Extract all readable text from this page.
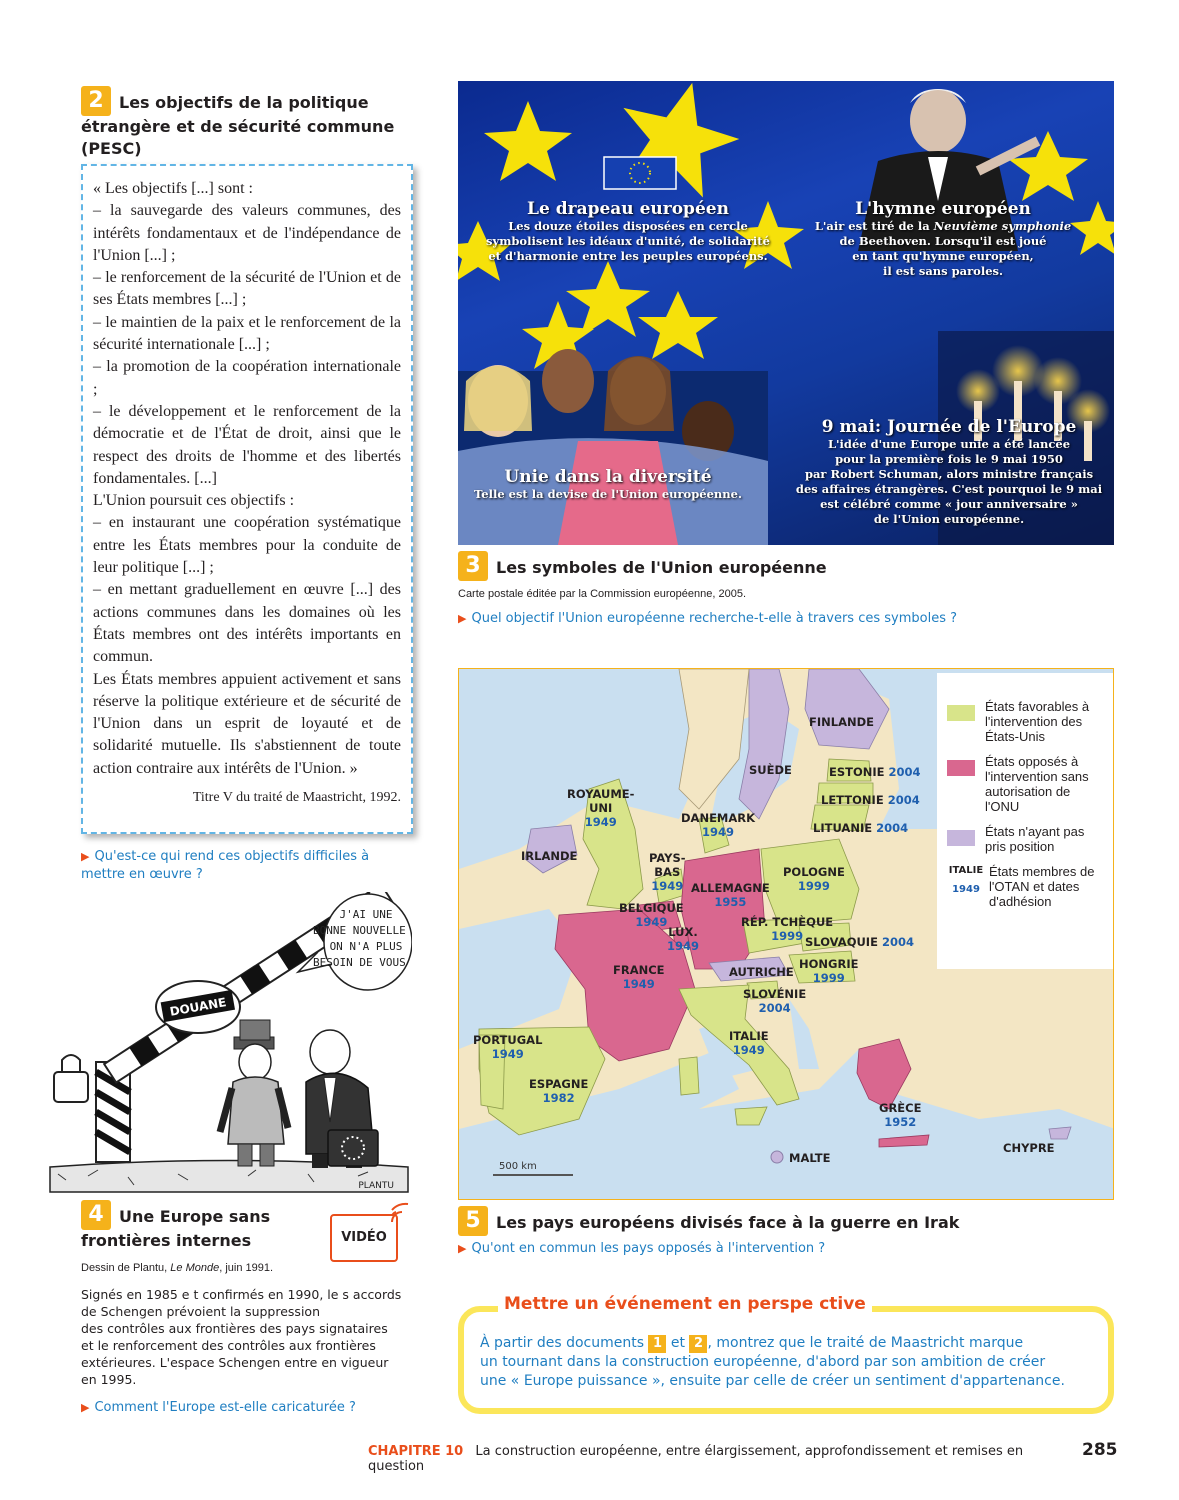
2 Les objectifs de la politique
étrangère et de sécurité commune
(PESC)

« Les objectifs [...] sont :

– la sauvegarde des valeurs communes, des intérêts fondamentaux et de l'indépendance de l'Union [...] ;

– le renforcement de la sécurité de l'Union et de ses États membres [...] ;

– le maintien de la paix et le renforcement de la sécurité internationale [...] ;

– la promotion de la coopération internationale ;

– le développement et le renforcement de la démocratie et de l'État de droit, ainsi que le respect des droits de l'homme et des libertés fondamentales. [...]

L'Union poursuit ces objectifs :

– en instaurant une coopération systématique entre les États membres pour la conduite de leur politique [...] ;

– en mettant graduellement en œuvre [...] des actions communes dans les domaines où les États membres ont des intérêts importants en commun.

Les États membres appuient activement et sans réserve la politique extérieure et de sécurité de l'Union dans un esprit de loyauté et de solidarité mutuelle. Ils s'abstiennent de toute action contraire aux intérêts de l'Union. »

Titre V du traité de Maastricht, 1992.
▶ Qu'est-ce qui rend ces objectifs difficiles à
mettre en œuvre ?
DOUANE
J'AI UNE
BONNE NOUVELLE :
ON N'A PLUS
BESOIN DE VOUS !
PLANTU
4 Une Europe sans
frontières internes	VIDÉO
Dessin de Plantu, Le Monde, juin 1991.
Signés en 1985 e t confirmés en 1990, le s accords
de Schengen prévoient la suppression
des contrôles aux frontières des pays signataires
et le renforcement des contrôles aux frontières
extérieures. L'espace Schengen entre en vigueur
en 1995.
▶ Comment l'Europe est-elle caricaturée ?
Le drapeau européen
Les douze étoiles disposées en cercle
symbolisent les idéaux d'unité, de solidarité
et d'harmonie entre les peuples européens.
L'hymne européen
L'air est tiré de la Neuvième symphonie
de Beethoven. Lorsqu'il est joué
en tant qu'hymne européen,
il est sans paroles.
Unie dans la diversité
Telle est la devise de l'Union européenne.
9 mai: Journée de l'Europe
L'idée d'une Europe unie a été lancée
pour la première fois le 9 mai 1950
par Robert Schuman, alors ministre français
des affaires étrangères. C'est pourquoi le 9 mai
est célébré comme « jour anniversaire »
de l'Union européenne.
3 Les symboles de l'Union européenne
Carte postale éditée par la Commission européenne, 2005.
▶ Quel objectif l'Union européenne recherche-t-elle à travers ces symboles ?
500 km
États favorables à l'intervention des États-Unis
États opposés à l'intervention sans autorisation de l'ONU
États n'ayant pas pris position
ITALIE
1949
États membres de l'OTAN et dates d'adhésion
FINLANDE
SUÈDE	ESTONIE 2004
LETTONIE 2004
LITUANIE 2004
ROYAUME-
UNI
1949	DANEMARK
1949
IRLANDE	PAYS-
BAS
1949 ALLEMAGNE
1955
POLOGNE
1999
BELGIQUE
1949
LUX.
1949
RÉP. TCHÈQUE
1999 SLOVAQUIE 2004
FRANCE
1949
AUTRICHE
HONGRIE
1999
SLOVÉNIE
2004
PORTUGAL
1949
ITALIE
1949
ESPAGNE
1982
GRÈCE
1952
MALTE
CHYPRE
5 Les pays européens divisés face à la guerre en Irak
▶ Qu'ont en commun les pays opposés à l'intervention ?
À partir des documents 1 et 2 , montrez que le traité de Maastricht marque
un tournant dans la construction européenne, d'abord par son ambition de créer
une « Europe puissance », ensuite par celle de créer un sentiment d'appartenance.
Mettre un événement en perspe ctive
CHAPITRE 10 La construction européenne, entre élargissement, approfondissement et remises en question
285
